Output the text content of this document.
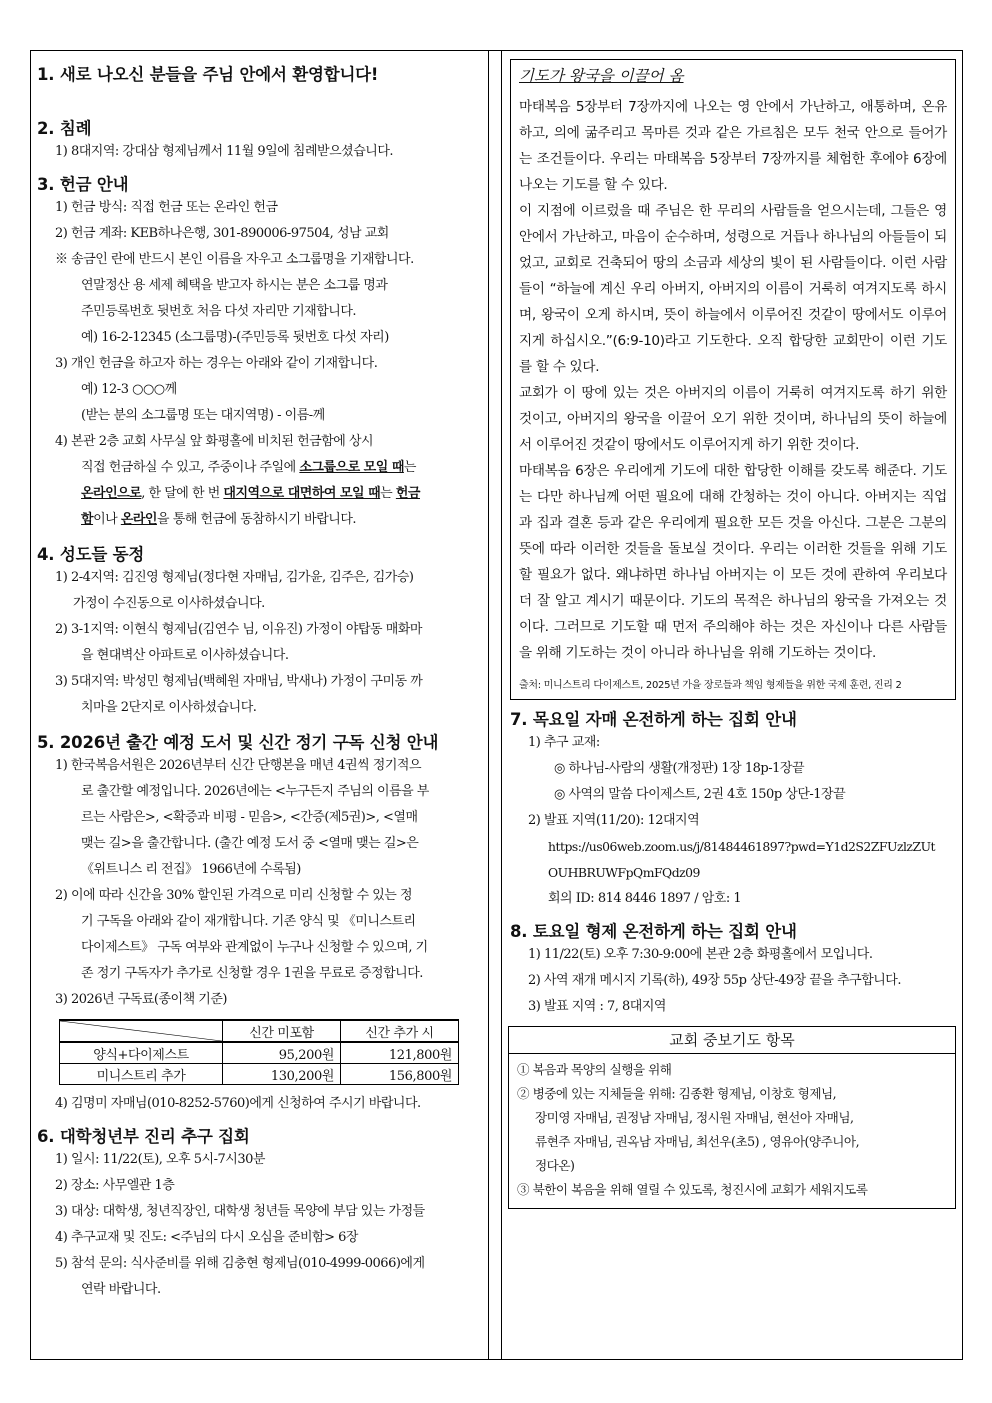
1. 새로 나오신 분들을 주님 안에서 환영합니다!

2. 침례

1) 8대지역: 강대삼 형제님께서 11월 9일에 침례받으셨습니다.

3. 헌금 안내

1) 헌금 방식: 직접 헌금 또는 온라인 헌금

2) 헌금 계좌: KEB하나은행, 301-890006-97504, 성남 교회

※ 송금인 란에 반드시 본인 이름을 자우고 소그룹명을 기재합니다.

연말정산 용 세제 혜택을 받고자 하시는 분은 소그룹 명과

주민등록번호 뒷번호 처음 다섯 자리만 기재합니다.

예) 16-2-12345 (소그룹명)-(주민등록 뒷번호 다섯 자리)

3) 개인 헌금을 하고자 하는 경우는 아래와 같이 기재합니다.

예) 12-3 ○○○께

(받는 분의 소그룹명 또는 대지역명) - 이름-께

4) 본관 2층 교회 사무실 앞 화평홀에 비치된 헌금함에 상시

직접 헌금하실 수 있고, 주중이나 주일에 소그룹으로 모일 때는

온라인으로, 한 달에 한 번 대지역으로 대면하여 모일 때는 헌금

함이나 온라인을 통해 헌금에 동참하시기 바랍니다.

4. 성도들 동정

1) 2-4지역: 김진영 형제님(정다현 자매님, 김가윤, 김주은, 김가승)

가정이 수진동으로 이사하셨습니다.

2) 3-1지역: 이현식 형제님(김연수 님, 이유진) 가정이 야탑동 매화마

을 현대벽산 아파트로 이사하셨습니다.

3) 5대지역: 박성민 형제님(백혜원 자매님, 박새나) 가정이 구미동 까

치마을 2단지로 이사하셨습니다.

5. 2026년 출간 예정 도서 및 신간 정기 구독 신청 안내

1) 한국복음서원은 2026년부터 신간 단행본을 매년 4권씩 정기적으

로 출간할 예정입니다. 2026년에는 <누구든지 주님의 이름을 부

르는 사람은>, <확증과 비평 - 믿음>, <간증(제5권)>, <열매

맺는 길>을 출간합니다. (출간 예정 도서 중 <열매 맺는 길>은

《위트니스 리 전집》 1966년에 수록됨)

2) 이에 따라 신간을 30% 할인된 가격으로 미리 신청할 수 있는 정

기 구독을 아래와 같이 재개합니다. 기존 양식 및 《미니스트리

다이제스트》 구독 여부와 관계없이 누구나 신청할 수 있으며, 기

존 정기 구독자가 추가로 신청할 경우 1권을 무료로 증정합니다.

3) 2026년 구독료(종이책 기준)

	신간 미포함	신간 추가 시
양식+다이제스트	95,200원	121,800원
미니스트리 추가	130,200원	156,800원

4) 김명미 자매님(010-8252-5760)에게 신청하여 주시기 바랍니다.

6. 대학청년부 진리 추구 집회

1) 일시: 11/22(토), 오후 5시-7시30분

2) 장소: 사무엘관 1층

3) 대상: 대학생, 청년직장인, 대학생 청년들 목양에 부담 있는 가정들

4) 추구교재 및 진도: <주님의 다시 오심을 준비함> 6장

5) 참석 문의: 식사준비를 위해 김충현 형제님(010-4999-0066)에게

연락 바랍니다.

기도가 왕국을 이끌어 옴

마태복음 5장부터 7장까지에 나오는 영 안에서 가난하고, 애통하며, 온유하고, 의에 굶주리고 목마른 것과 같은 가르침은 모두 천국 안으로 들어가는 조건들이다. 우리는 마태복음 5장부터 7장까지를 체험한 후에야 6장에 나오는 기도를 할 수 있다.
이 지점에 이르렀을 때 주님은 한 무리의 사람들을 얻으시는데, 그들은 영 안에서 가난하고, 마음이 순수하며, 성령으로 거듭나 하나님의 아들들이 되었고, 교회로 건축되어 땅의 소금과 세상의 빛이 된 사람들이다. 이런 사람들이 “하늘에 계신 우리 아버지, 아버지의 이름이 거룩히 여겨지도록 하시며, 왕국이 오게 하시며, 뜻이 하늘에서 이루어진 것같이 땅에서도 이루어지게 하십시오.”(6:9-10)라고 기도한다. 오직 합당한 교회만이 이런 기도를 할 수 있다.
교회가 이 땅에 있는 것은 아버지의 이름이 거룩히 여겨지도록 하기 위한 것이고, 아버지의 왕국을 이끌어 오기 위한 것이며, 하나님의 뜻이 하늘에서 이루어진 것같이 땅에서도 이루어지게 하기 위한 것이다.
마태복음 6장은 우리에게 기도에 대한 합당한 이해를 갖도록 해준다. 기도는 다만 하나님께 어떤 필요에 대해 간청하는 것이 아니다. 아버지는 직업과 집과 결혼 등과 같은 우리에게 필요한 모든 것을 아신다. 그분은 그분의 뜻에 따라 이러한 것들을 돌보실 것이다. 우리는 이러한 것들을 위해 기도할 필요가 없다. 왜냐하면 하나님 아버지는 이 모든 것에 관하여 우리보다 더 잘 알고 계시기 때문이다. 기도의 목적은 하나님의 왕국을 가져오는 것이다. 그러므로 기도할 때 먼저 주의해야 하는 것은 자신이나 다른 사람들을 위해 기도하는 것이 아니라 하나님을 위해 기도하는 것이다.

출처: 미니스트리 다이제스트, 2025년 가을 장로들과 책임 형제들을 위한 국제 훈련, 진리 2

7. 목요일 자매 온전하게 하는 집회 안내

1) 추구 교재:

◎ 하나님-사람의 생활(개정판) 1장 18p-1장끝

◎ 사역의 말씀 다이제스트, 2권 4호 150p 상단-1장끝

2) 발표 지역(11/20): 12대지역

https://us06web.zoom.us/j/81484461897?pwd=Y1d2S2ZFUzlzZUt

OUHBRUWFpQmFQdz09

회의 ID: 814 8446 1897 / 암호: 1

8. 토요일 형제 온전하게 하는 집회 안내

1) 11/22(토) 오후 7:30-9:00에 본관 2층 화평홀에서 모입니다.

2) 사역 재개 메시지 기록(하), 49장 55p 상단-49장 끝을 추구합니다.

3) 발표 지역 : 7, 8대지역

교회 중보기도 항목

① 복음과 목양의 실행을 위해

② 병중에 있는 지체들을 위해: 김종환 형제님, 이창호 형제님,

장미영 자매님, 권정남 자매님, 정시원 자매님, 현선아 자매님,

류현주 자매님, 권옥남 자매님, 최선우(초5) , 영유아(양주니아,

정다온)

③ 북한이 복음을 위해 열릴 수 있도록, 청진시에 교회가 세워지도록
